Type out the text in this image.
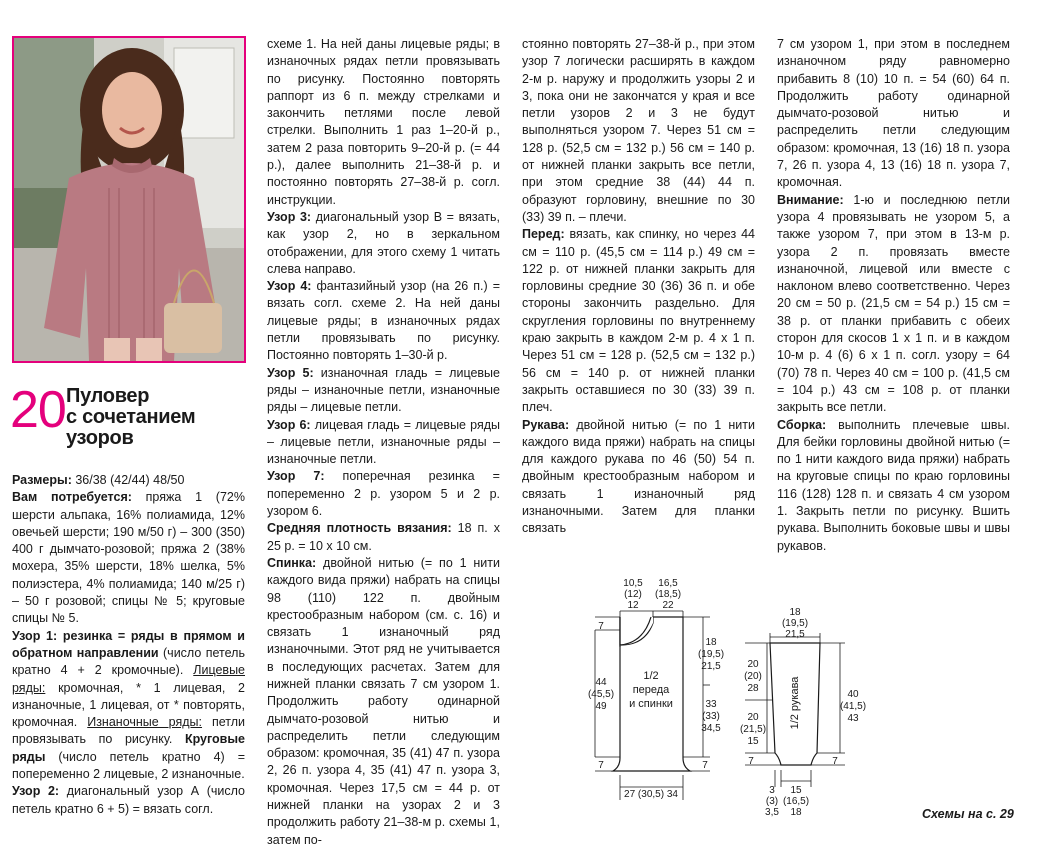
20 Пуловер
с сочетанием
узоров

Размеры: 36/38 (42/44) 48/50

Вам потребуется: пряжа 1 (72% шерсти альпака, 16% полиамида, 12% овечьей шерсти; 190 м/50 г) – 300 (350) 400 г дымчато-розовой; пряжа 2 (38% мохера, 35% шерсти, 18% шелка, 5% полиэстера, 4% полиамида; 140 м/25 г) – 50 г розовой; спицы № 5; круговые спицы № 5.

Узор 1: резинка = ряды в прямом и обратном направлении (число петель кратно 4 + 2 кромочные). Лицевые ряды: кромочная, * 1 лицевая, 2 изнаночные, 1 лицевая, от * повторять, кромочная. Изнаночные ряды: петли провязывать по рисунку. Круговые ряды (число петель кратно 4) = попеременно 2 лицевые, 2 изнаночные.

Узор 2: диагональный узор А (число петель кратно 6 + 5) = вязать согл.

схеме 1. На ней даны лицевые ряды; в изнаночных рядах петли провязывать по рисунку. Постоянно повторять раппорт из 6 п. между стрелками и закончить петлями после левой стрелки. Выполнить 1 раз 1–20-й р., затем 2 раза повторить 9–20-й р. (= 44 р.), далее выполнить 21–38-й р. и постоянно повторять 27–38-й р. согл. инструкции.

Узор 3: диагональный узор В = вязать, как узор 2, но в зеркальном отображении, для этого схему 1 читать слева направо.

Узор 4: фантазийный узор (на 26 п.) = вязать согл. схеме 2. На ней даны лицевые ряды; в изнаночных рядах петли провязывать по рисунку. Постоянно повторять 1–30-й р.

Узор 5: изнаночная гладь = лицевые ряды – изнаночные петли, изнаночные ряды – лицевые петли.

Узор 6: лицевая гладь = лицевые ряды – лицевые петли, изнаночные ряды – изнаночные петли.

Узор 7: поперечная резинка = попеременно 2 р. узором 5 и 2 р. узором 6.

Средняя плотность вязания: 18 п. x 25 р. = 10 x 10 см.

Спинка: двойной нитью (= по 1 нити каждого вида пряжи) набрать на спицы 98 (110) 122 п. двойным крестообразным набором (см. с. 16) и связать 1 изнаночный ряд изнаночными. Этот ряд не учитывается в последующих расчетах. Затем для нижней планки связать 7 см узором 1. Продолжить работу одинарной дымчато-розовой нитью и распределить петли следующим образом: кромочная, 35 (41) 47 п. узора 2, 26 п. узора 4, 35 (41) 47 п. узора 3, кромочная. Через 17,5 см = 44 р. от нижней планки на узорах 2 и 3 продолжить работу 21–38-м р. схемы 1, затем по-

стоянно повторять 27–38-й р., при этом узор 7 логически расширять в каждом 2-м р. наружу и продолжить узоры 2 и 3, пока они не закончатся у края и все петли узоров 2 и 3 не будут выполняться узором 7. Через 51 см = 128 р. (52,5 см = 132 р.) 56 см = 140 р. от нижней планки закрыть все петли, при этом средние 38 (44) 44 п. образуют горловину, внешние по 30 (33) 39 п. – плечи.

Перед: вязать, как спинку, но через 44 см = 110 р. (45,5 см = 114 р.) 49 см = 122 р. от нижней планки закрыть для горловины средние 30 (36) 36 п. и обе стороны закончить раздельно. Для скругления горловины по внутреннему краю закрыть в каждом 2-м р. 4 х 1 п. Через 51 см = 128 р. (52,5 см = 132 р.) 56 см = 140 р. от нижней планки закрыть оставшиеся по 30 (33) 39 п. плеч.

Рукава: двойной нитью (= по 1 нити каждого вида пряжи) набрать на спицы для каждого рукава по 46 (50) 54 п. двойным крестообразным набором и связать 1 изнаночный ряд изнаночными. Затем для планки связать

7 см узором 1, при этом в последнем изнаночном ряду равномерно прибавить 8 (10) 10 п. = 54 (60) 64 п. Продолжить работу одинарной дымчато-розовой нитью и распределить петли следующим образом: кромочная, 13 (16) 18 п. узора 7, 26 п. узора 4, 13 (16) 18 п. узора 7, кромочная.

Внимание: 1-ю и последнюю петли узора 4 провязывать не узором 5, а также узором 7, при этом в 13-м р. узора 2 п. провязать вместе изнаночной, лицевой или вместе с наклоном влево соответственно. Через 20 см = 50 р. (21,5 см = 54 р.) 15 см = 38 р. от планки прибавить с обеих сторон для скосов 1 х 1 п. и в каждом 10-м р. 4 (6) 6 х 1 п. согл. узору = 64 (70) 78 п. Через 40 см = 100 р. (41,5 см = 104 р.) 43 см = 108 р. от планки закрыть все петли.

Сборка: выполнить плечевые швы. Для бейки горловины двойной нитью (= по 1 нити каждого вида пряжи) набрать на круговые спицы по краю горловины 116 (128) 128 п. и связать 4 см узором 1. Закрыть петли по рисунку. Вшить рукава. Выполнить боковые швы и швы рукавов.

10,5
(12)
12
16,5
(18,5)
22
7
7	7
44
(45,5)
49
18
(19,5)
21,5
33
(33)
34,5
1/2
переда
и спинки
27 (30,5) 34
18
(19,5)
21,5
40
(41,5)
43
7	7
20
(20)
28
20
(21,5)
15
3
(3)
3,5
15
(16,5)
18
1/2 рукава
Схемы на с. 29
